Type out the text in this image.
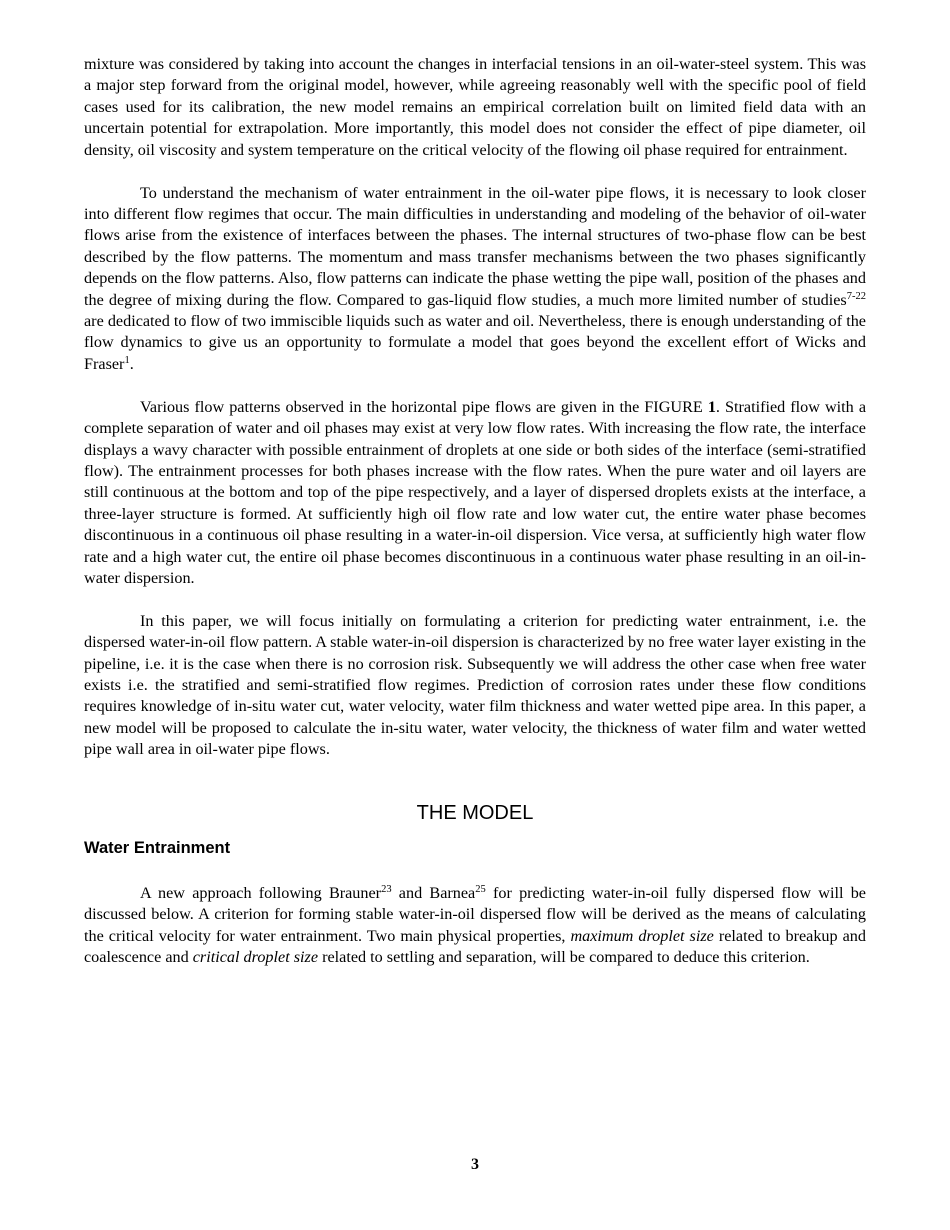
mixture was considered by taking into account the changes in interfacial tensions in an oil-water-steel system. This was a major step forward from the original model, however, while agreeing reasonably well with the specific pool of field cases used for its calibration, the new model remains an empirical correlation built on limited field data with an uncertain potential for extrapolation. More importantly, this model does not consider the effect of pipe diameter, oil density, oil viscosity and system temperature on the critical velocity of the flowing oil phase required for entrainment.

To understand the mechanism of water entrainment in the oil-water pipe flows, it is necessary to look closer into different flow regimes that occur. The main difficulties in understanding and modeling of the behavior of oil-water flows arise from the existence of interfaces between the phases. The internal structures of two-phase flow can be best described by the flow patterns. The momentum and mass transfer mechanisms between the two phases significantly depends on the flow patterns. Also, flow patterns can indicate the phase wetting the pipe wall, position of the phases and the degree of mixing during the flow. Compared to gas-liquid flow studies, a much more limited number of studies$^{7-22}$ are dedicated to flow of two immiscible liquids such as water and oil. Nevertheless, there is enough understanding of the flow dynamics to give us an opportunity to formulate a model that goes beyond the excellent effort of Wicks and Fraser$^1$.

Various flow patterns observed in the horizontal pipe flows are given in the FIGURE 1. Stratified flow with a complete separation of water and oil phases may exist at very low flow rates. With increasing the flow rate, the interface displays a wavy character with possible entrainment of droplets at one side or both sides of the interface (semi-stratified flow). The entrainment processes for both phases increase with the flow rates. When the pure water and oil layers are still continuous at the bottom and top of the pipe respectively, and a layer of dispersed droplets exists at the interface, a three-layer structure is formed. At sufficiently high oil flow rate and low water cut, the entire water phase becomes discontinuous in a continuous oil phase resulting in a water-in-oil dispersion. Vice versa, at sufficiently high water flow rate and a high water cut, the entire oil phase becomes discontinuous in a continuous water phase resulting in an oil-in-water dispersion.

In this paper, we will focus initially on formulating a criterion for predicting water entrainment, i.e. the dispersed water-in-oil flow pattern. A stable water-in-oil dispersion is characterized by no free water layer existing in the pipeline, i.e. it is the case when there is no corrosion risk. Subsequently we will address the other case when free water exists i.e. the stratified and semi-stratified flow regimes. Prediction of corrosion rates under these flow conditions requires knowledge of in-situ water cut, water velocity, water film thickness and water wetted pipe area. In this paper, a new model will be proposed to calculate the in-situ water, water velocity, the thickness of water film and water wetted pipe wall area in oil-water pipe flows.

THE MODEL
Water Entrainment

A new approach following Brauner$^{23}$ and Barnea$^{25}$ for predicting water-in-oil fully dispersed flow will be discussed below. A criterion for forming stable water-in-oil dispersed flow will be derived as the means of calculating the critical velocity for water entrainment. Two main physical properties, maximum droplet size related to breakup and coalescence and critical droplet size related to settling and separation, will be compared to deduce this criterion.

3
